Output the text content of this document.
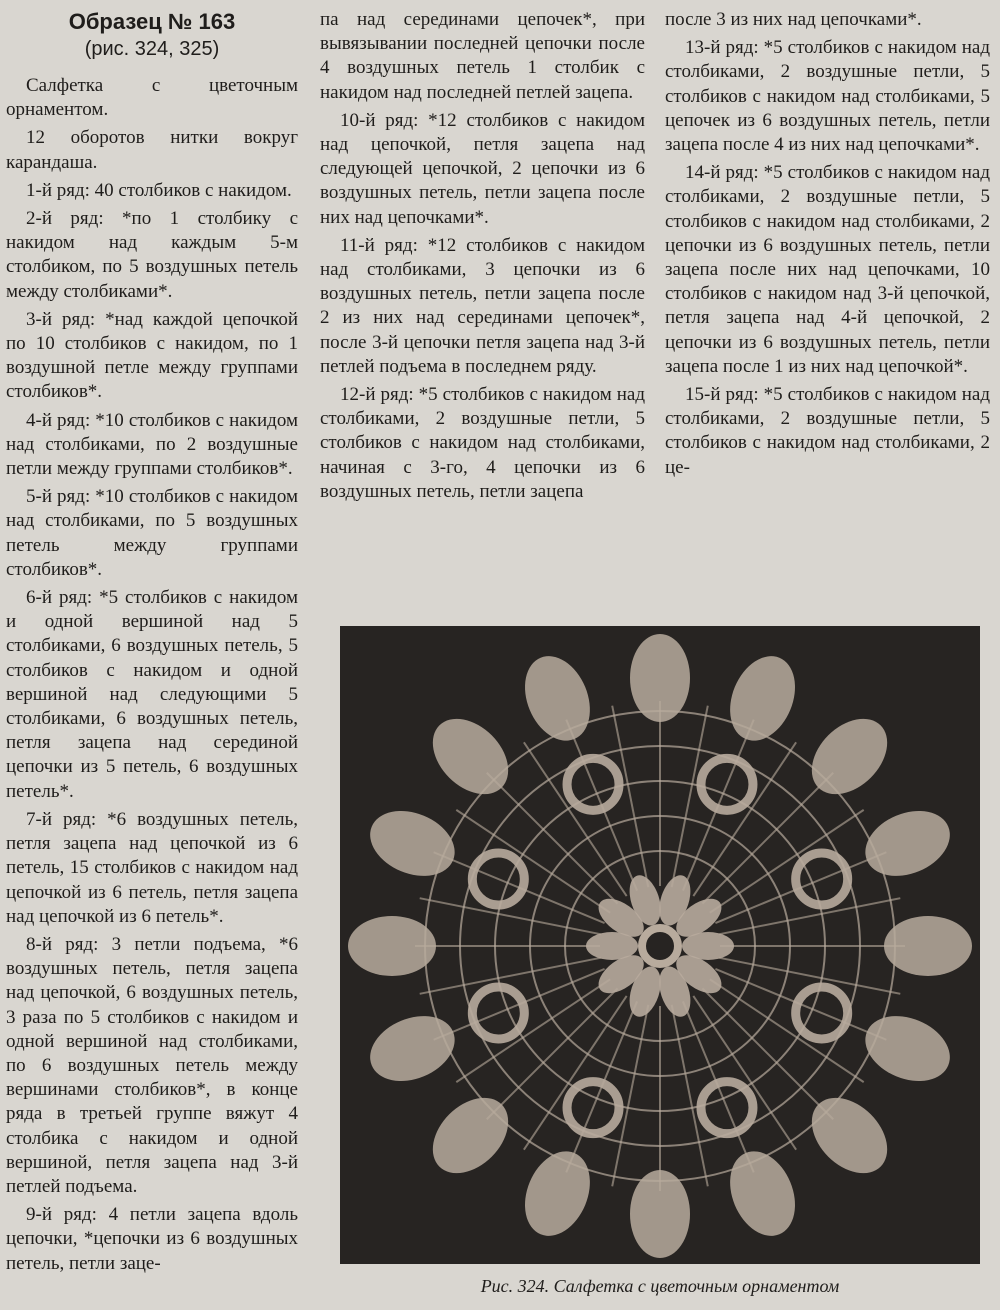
Образец № 163
(рис. 324, 325)

Салфетка с цветочным орнаментом.

12 оборотов нитки вокруг карандаша.

1-й ряд: 40 столбиков с накидом.

2-й ряд: *по 1 столбику с накидом над каждым 5-м столбиком, по 5 воздушных петель между столбиками*.

3-й ряд: *над каждой цепочкой по 10 столбиков с накидом, по 1 воздушной петле между группами столбиков*.

4-й ряд: *10 столбиков с накидом над столбиками, по 2 воздушные петли между группами столбиков*.

5-й ряд: *10 столбиков с накидом над столбиками, по 5 воздушных петель между группами столбиков*.

6-й ряд: *5 столбиков с накидом и одной вершиной над 5 столбиками, 6 воздушных петель, 5 столбиков с накидом и одной вершиной над следующими 5 столбиками, 6 воздушных петель, петля зацепа над серединой цепочки из 5 петель, 6 воздушных петель*.

7-й ряд: *6 воздушных петель, петля зацепа над цепочкой из 6 петель, 15 столбиков с накидом над цепочкой из 6 петель, петля зацепа над цепочкой из 6 петель*.

8-й ряд: 3 петли подъема, *6 воздушных петель, петля зацепа над цепочкой, 6 воздушных петель, 3 раза по 5 столбиков с накидом и одной вершиной над столбиками, по 6 воздушных петель между вершинами столбиков*, в конце ряда в третьей группе вяжут 4 столбика с накидом и одной вершиной, петля зацепа над 3-й петлей подъема.

9-й ряд: 4 петли зацепа вдоль цепочки, *цепочки из 6 воздушных петель, петли заце-

па над серединами цепочек*, при вывязывании последней цепочки после 4 воздушных петель 1 столбик с накидом над последней петлей зацепа.

10-й ряд: *12 столбиков с накидом над цепочкой, петля зацепа над следующей цепочкой, 2 цепочки из 6 воздушных петель, петли зацепа после них над цепочками*.

11-й ряд: *12 столбиков с накидом над столбиками, 3 цепочки из 6 воздушных петель, петли зацепа после 2 из них над серединами цепочек*, после 3-й цепочки петля зацепа над 3-й петлей подъема в последнем ряду.

12-й ряд: *5 столбиков с накидом над столбиками, 2 воздушные петли, 5 столбиков с накидом над столбиками, начиная с 3-го, 4 цепочки из 6 воздушных петель, петли зацепа

после 3 из них над цепочками*.

13-й ряд: *5 столбиков с накидом над столбиками, 2 воздушные петли, 5 столбиков с накидом над столбиками, 5 цепочек из 6 воздушных петель, петли зацепа после 4 из них над цепочками*.

14-й ряд: *5 столбиков с накидом над столбиками, 2 воздушные петли, 5 столбиков с накидом над столбиками, 2 цепочки из 6 воздушных петель, петли зацепа после них над цепочками, 10 столбиков с накидом над 3-й цепочкой, петля зацепа над 4-й цепочкой, 2 цепочки из 6 воздушных петель, петли зацепа после 1 из них над цепочкой*.

15-й ряд: *5 столбиков с накидом над столбиками, 2 воздушные петли, 5 столбиков с накидом над столбиками, 2 це-

Рис. 324. Салфетка с цветочным орнаментом
